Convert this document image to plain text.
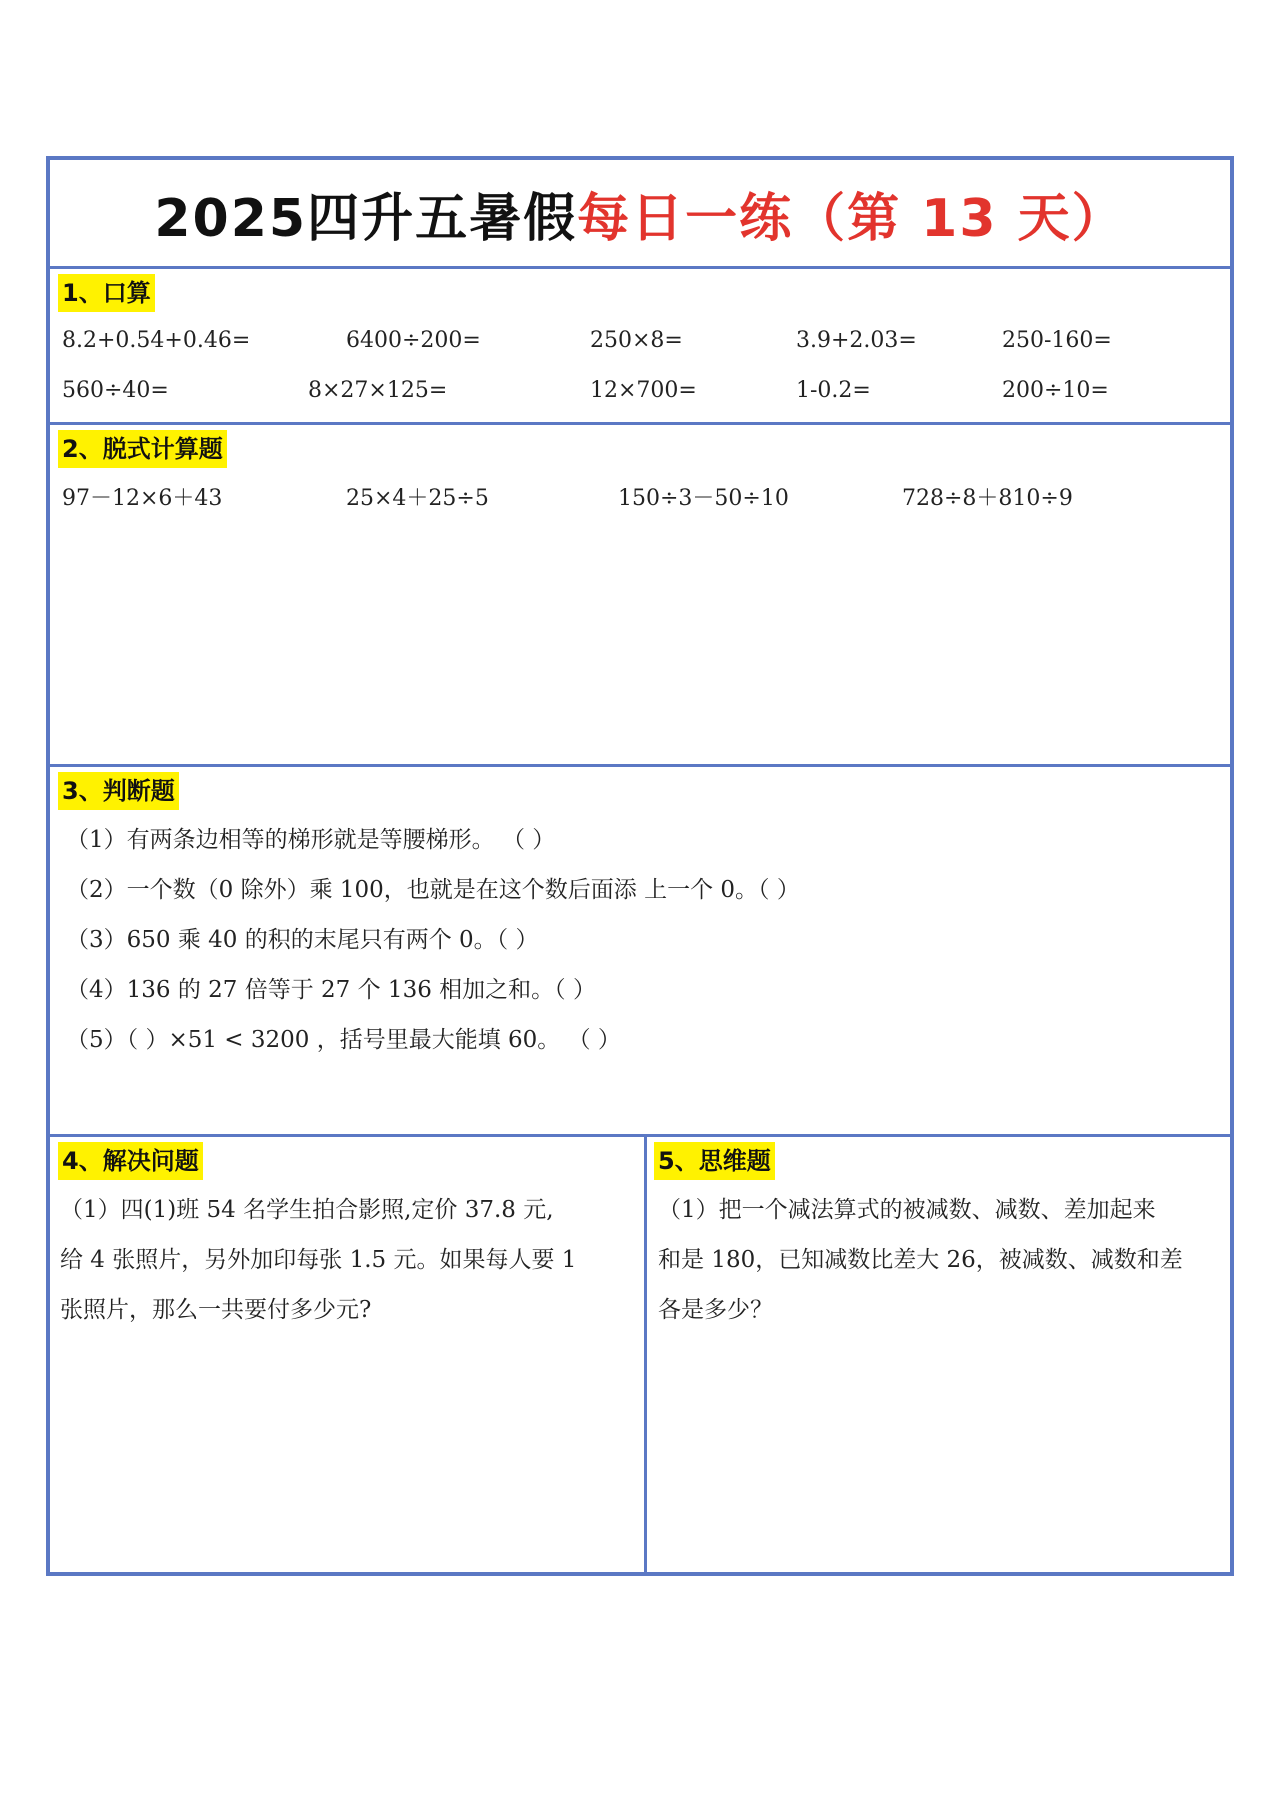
2025四升五暑假 每日一练（第 13 天）
1、口算
8.2+0.54+0.46=	6400÷200=	250×8=	3.9+2.03=	250-160=
560÷40=	8×27×125=	12×700=	1-0.2=	200÷10=
2、脱式计算题
97－12×6＋43	25×4＋25÷5	150÷3－50÷10	728÷8＋810÷9
3、判断题
（1）有两条边相等的梯形就是等腰梯形。 （ ）
（2）一个数（0 除外）乘 100，也就是在这个数后面添 上一个 0。（ ）
（3）650 乘 40 的积的末尾只有两个 0。（ ）
（4）136 的 27 倍等于 27 个 136 相加之和。（ ）
（5）（ ）×51 < 3200 ，括号里最大能填 60。 （ ）
4、解决问题
（1）四(1)班 54 名学生拍合影照,定价 37.8 元,
给 4 张照片，另外加印每张 1.5 元。如果每人要 1
张照片，那么一共要付多少元?
5、思维题
（1）把一个减法算式的被减数、减数、差加起来
和是 180，已知减数比差大 26，被减数、减数和差
各是多少？
